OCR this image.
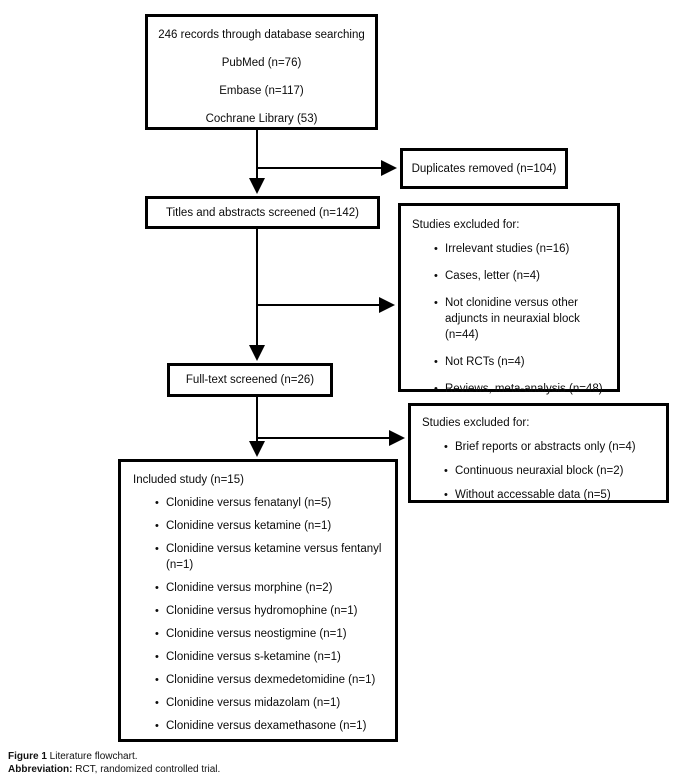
246 records through database searching
PubMed (n=76)
Embase (n=117)
Cochrane Library (53)
Duplicates removed (n=104)
Titles and abstracts screened (n=142)
Studies excluded for:
• Irrelevant studies (n=16)
• Cases, letter (n=4)
• Not clonidine versus other adjuncts in neuraxial block (n=44)
• Not RCTs (n=4)
• Reviews, meta-analysis (n=48)
Full-text screened (n=26)
Studies excluded for:
• Brief reports or abstracts only (n=4)
• Continuous neuraxial block (n=2)
• Without accessable data (n=5)
Included study (n=15)
• Clonidine versus fenatanyl (n=5)
• Clonidine versus ketamine (n=1)
• Clonidine versus ketamine versus fentanyl (n=1)
• Clonidine versus morphine (n=2)
• Clonidine versus hydromophine (n=1)
• Clonidine versus neostigmine (n=1)
• Clonidine versus s-ketamine (n=1)
• Clonidine versus dexmedetomidine (n=1)
• Clonidine versus midazolam (n=1)
• Clonidine versus dexamethasone (n=1)
Figure 1 Literature flowchart.
Abbreviation: RCT, randomized controlled trial.
